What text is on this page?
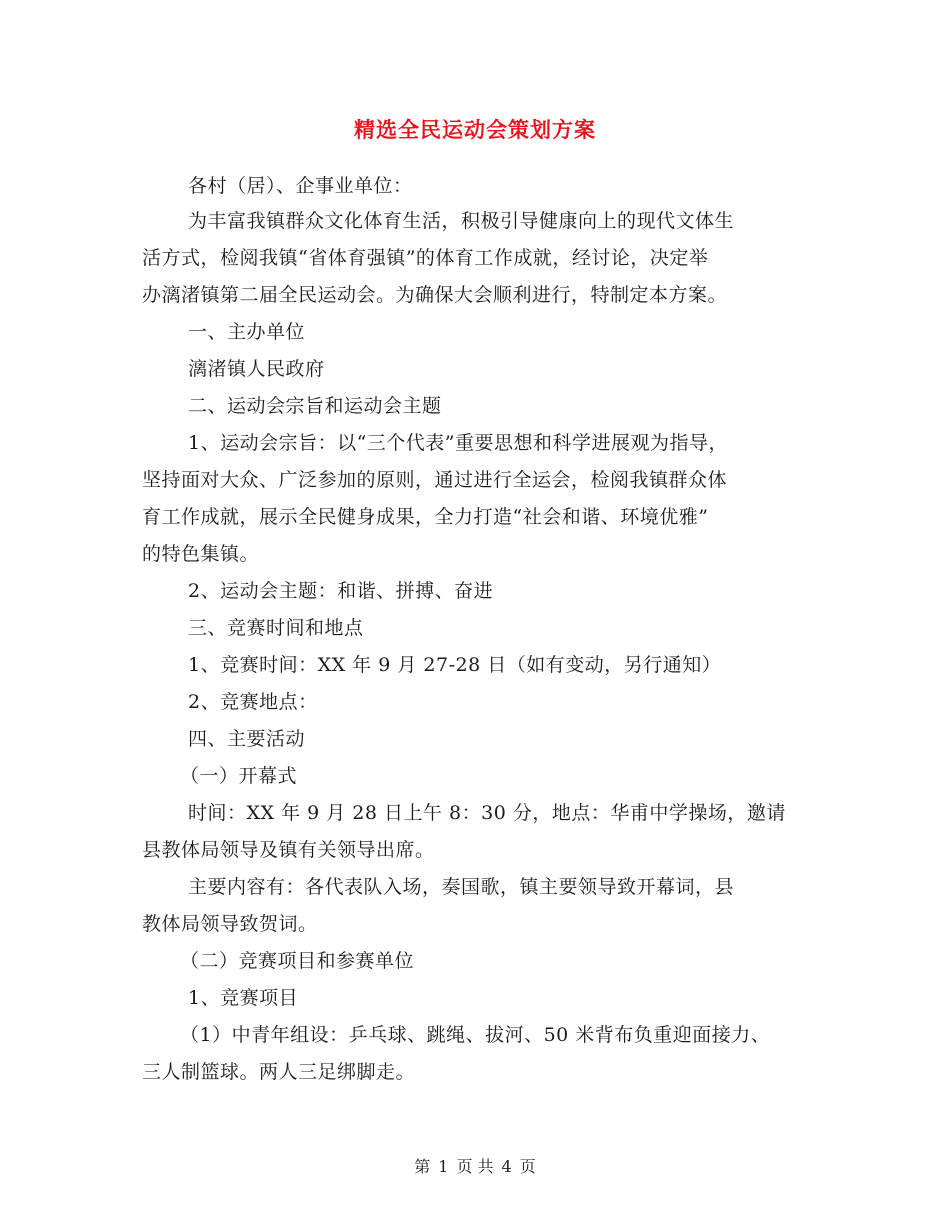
精选全民运动会策划方案
各村（居）、企事业单位：
为丰富我镇群众文化体育生活，积极引导健康向上的现代文体生
活方式，检阅我镇“省体育强镇”的体育工作成就，经讨论，决定举
办漓渚镇第二届全民运动会。为确保大会顺利进行，特制定本方案。
一、主办单位
漓渚镇人民政府
二、运动会宗旨和运动会主题
1、运动会宗旨：以“三个代表”重要思想和科学进展观为指导，
坚持面对大众、广泛参加的原则，通过进行全运会，检阅我镇群众体
育工作成就，展示全民健身成果，全力打造“社会和谐、环境优雅”
的特色集镇。
2、运动会主题：和谐、拼搏、奋进
三、竞赛时间和地点
1、竞赛时间：XX 年 9 月 27-28 日（如有变动，另行通知）
2、竞赛地点：
四、主要活动
（一）开幕式
时间：XX 年 9 月 28 日上午 8：30 分，地点：华甫中学操场，邀请
县教体局领导及镇有关领导出席。
主要内容有：各代表队入场，奏国歌，镇主要领导致开幕词，县
教体局领导致贺词。
（二）竞赛项目和参赛单位
1、竞赛项目
（1）中青年组设：乒乓球、跳绳、拔河、50 米背布负重迎面接力、
三人制篮球。两人三足绑脚走。
第 1 页 共 4 页
